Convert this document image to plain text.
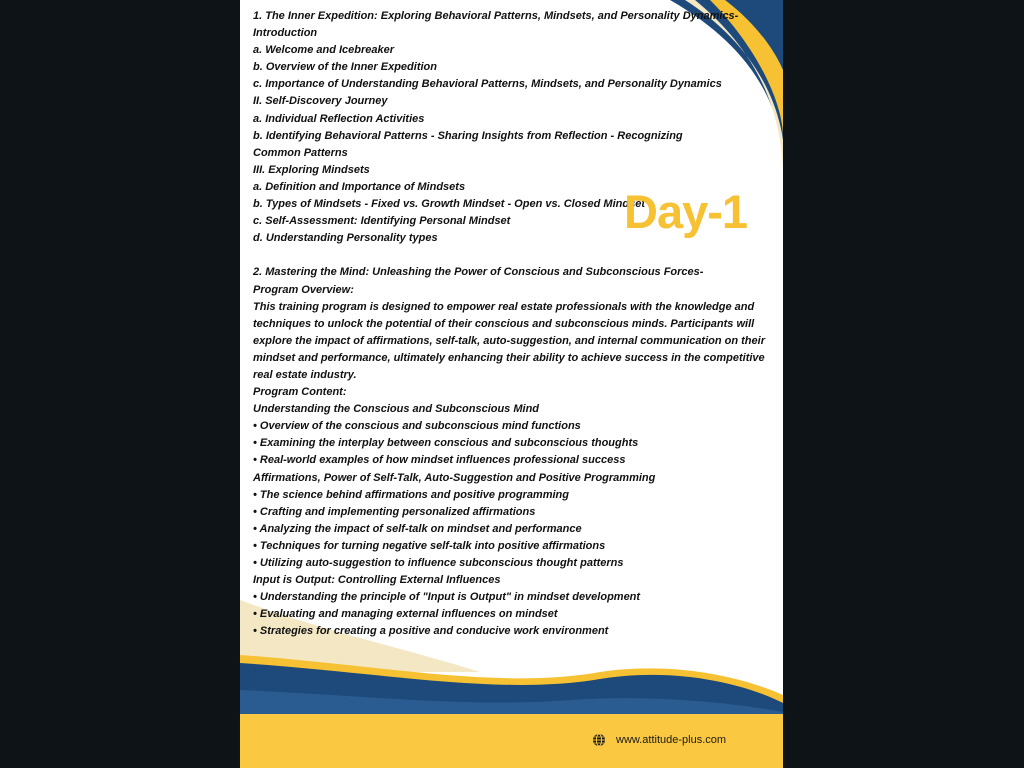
1. The Inner Expedition: Exploring Behavioral Patterns, Mindsets, and Personality Dynamics-
Introduction
a. Welcome and Icebreaker
b. Overview of the Inner Expedition
c. Importance of Understanding Behavioral Patterns, Mindsets, and Personality Dynamics
II. Self-Discovery Journey
a. Individual Reflection Activities
b. Identifying Behavioral Patterns - Sharing Insights from Reflection - Recognizing Common Patterns
III. Exploring Mindsets
a. Definition and Importance of Mindsets
b. Types of Mindsets - Fixed vs. Growth Mindset - Open vs. Closed Mindset
c. Self-Assessment: Identifying Personal Mindset
d. Understanding Personality types
2. Mastering the Mind: Unleashing the Power of Conscious and Subconscious Forces-
Program Overview:
This training program is designed to empower real estate professionals with the knowledge and techniques to unlock the potential of their conscious and subconscious minds. Participants will explore the impact of affirmations, self-talk, auto-suggestion, and internal communication on their mindset and performance, ultimately enhancing their ability to achieve success in the competitive real estate industry.
Program Content:
Understanding the Conscious and Subconscious Mind
• Overview of the conscious and subconscious mind functions
• Examining the interplay between conscious and subconscious thoughts
• Real-world examples of how mindset influences professional success
Affirmations, Power of Self-Talk, Auto-Suggestion and Positive Programming
• The science behind affirmations and positive programming
• Crafting and implementing personalized affirmations
• Analyzing the impact of self-talk on mindset and performance
• Techniques for turning negative self-talk into positive affirmations
• Utilizing auto-suggestion to influence subconscious thought patterns
Input is Output: Controlling External Influences
• Understanding the principle of "Input is Output" in mindset development
• Evaluating and managing external influences on mindset
• Strategies for creating a positive and conducive work environment
Day-1
www.attitude-plus.com
